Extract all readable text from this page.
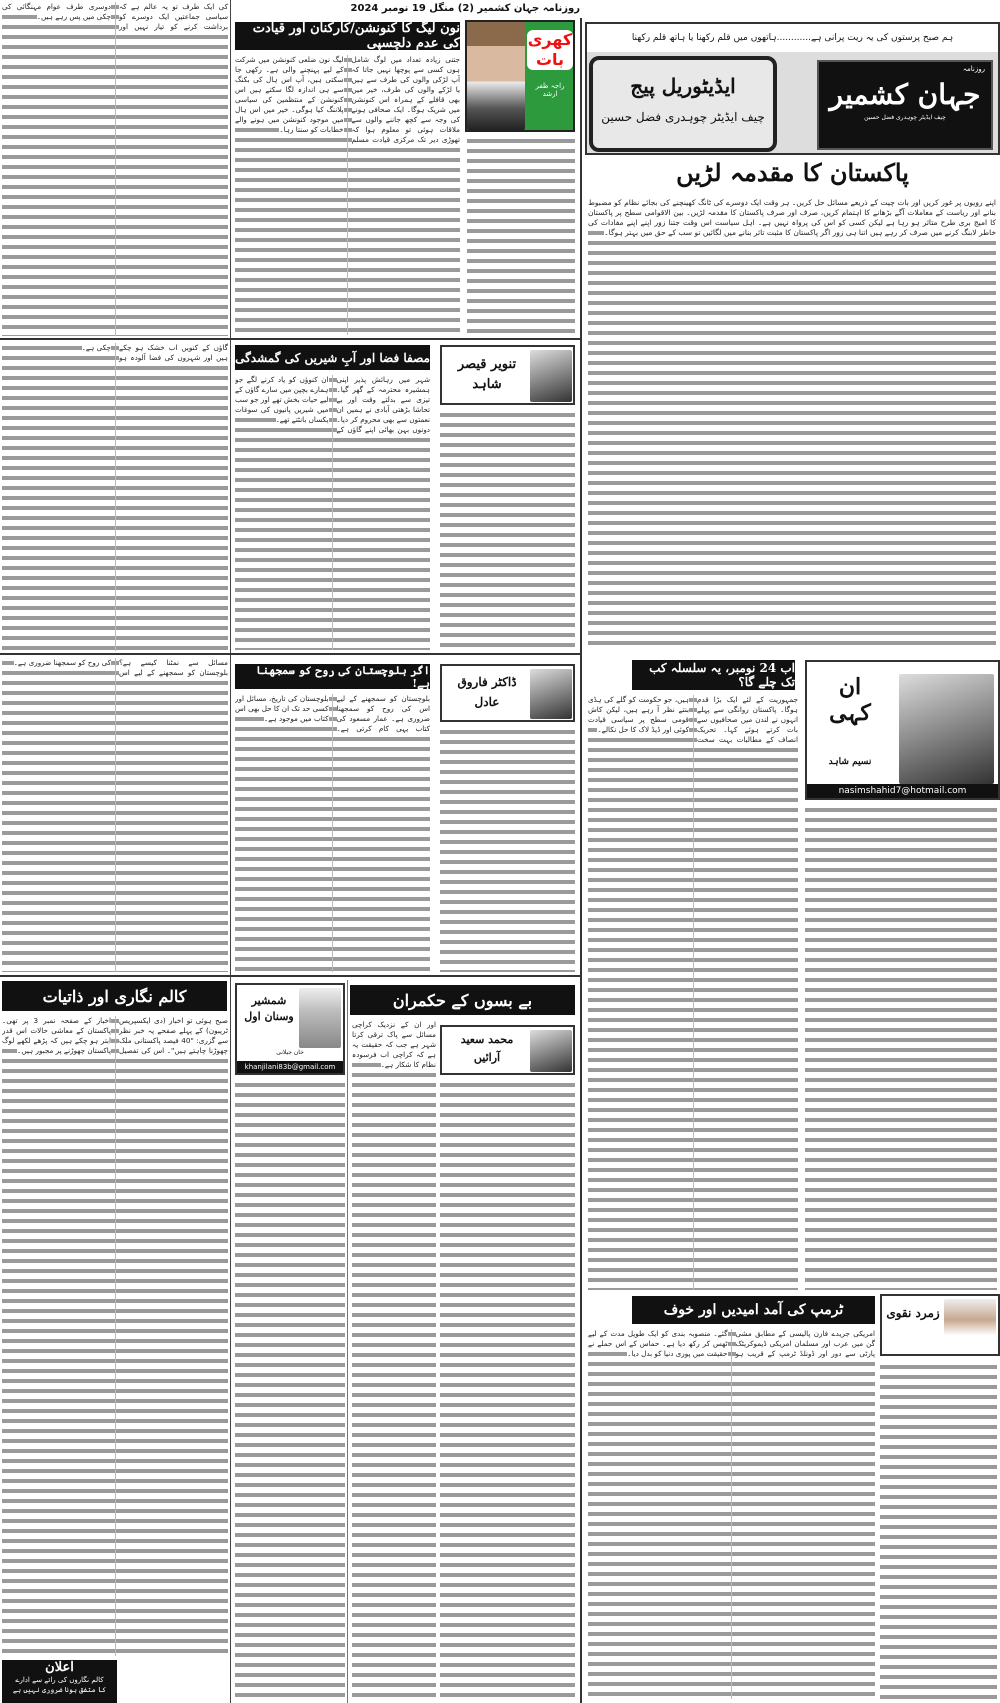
روزنامہ جہان کشمیر (2) منگل 19 نومبر 2024
کی ایک طرف تو یہ عالم ہے کہ سیاسی جماعتیں ایک دوسرے کو برداشت کرنے کو تیار نہیں اور دوسری طرف عوام مہنگائی کی چکی میں پس رہے ہیں۔
گاؤں کے کنویں اب خشک ہو چکے ہیں اور شہروں کی فضا آلودہ ہو چکی ہے۔
مسائل سے نمٹنا کیسے ہے؟ بلوچستان کو سمجھنے کے لیے اس کی روح کو سمجھنا ضروری ہے۔
کالم نگاری اور ذاتیات
صبح ہوئی تو اخبار (دی ایکسپریس ٹریبون) کے پہلے صفحے پہ خبر نظر سے گزری: "40 فیصد پاکستانی ملک چھوڑنا چاہتے ہیں"۔ اس کی تفصیل اخبار کے صفحہ نمبر 3 پر تھی۔ پاکستان کے معاشی حالات اس قدر ابتر ہو چکے ہیں کہ پڑھے لکھے لوگ پاکستان چھوڑنے پر مجبور ہیں۔
اعلان
کالم نگاروں کی رائے سے ادارے
کا متفق ہونا ضروری نہیں ہے
کھری بات
راجہ ظفر ارشد
نون لیگ کا کنونشن/کارکنان اور قیادت کی عدم دلچسپی
جتنی زیادہ تعداد میں لوگ شامل ہوں کسی سے پوچھا نہیں جاتا کہ آپ لڑکی والوں کی طرف سے ہیں یا لڑکے والوں کی طرف، خیر میں بھی قافلے کے ہمراہ اس کنونشن میں شریک ہوگا۔ ایک صحافی ہونے کی وجہ سے کچھ جاننے والوں سے ملاقات ہوئی تو معلوم ہوا کہ تھوڑی دیر تک مرکزی قیادت مسلم لیگ نون ضلعی کنونشن میں شرکت کے لیے پہنچنے والی ہے۔ رکھی جا سکتی ہیں، آپ اس ہال کی بکنگ سے ہی اندازہ لگا سکتے ہیں اس کنونشن کے منتظمین کی سیاسی پلاننگ کیا ہوگی۔ خیر میں اس ہال میں موجود کنونشن میں ہونے والے خطابات کو سنتا رہا۔
مصفا فضا اور آبِ شیریں کی گمشدگی	تنویر قیصر شاہد
شہر میں رہائش پذیر اپنی ہمشیرہ محترمہ کے گھر گیا۔ تیزی سے بدلتے وقت اور بے تحاشا بڑھتی آبادی نے ہمیں ان نعمتوں سے بھی محروم کر دیا۔ دونوں بہن بھائی اپنے گاؤں کے ان کنوؤں کو یاد کرنے لگے جو ہمارے بچپن میں سارے گاؤں کے لیے حیات بخش تھے اور جو سب میں شیریں پانیوں کی سوغات یکساں بانٹتے تھے۔
اگر بلوچستان کی روح کو سمجھنا ہے!	ڈاکٹر فاروق عادل
بلوچستان کو سمجھنے کے لیے اس کی روح کو سمجھنا ضروری ہے۔ عمار مسعود کی کتاب یہی کام کرتی ہے۔ بلوچستان کی تاریخ، مسائل اور کسی حد تک ان کا حل بھی اس کتاب میں موجود ہے۔
شمشیر وسنان اول
خان جیلانی
khanjilani83b@gmail.com
بے بسوں کے حکمران
محمد سعید آرائیں
اور ان کے نزدیک کراچی مسائل سے پاک ترقی کرتا شہر ہے جب کہ حقیقت یہ ہے کہ کراچی اب فرسودہ نظام کا شکار ہے۔
ہم صبح پرستوں کی یہ ریت پرانی ہے............ہاتھوں میں قلم رکھنا یا ہاتھ قلم رکھنا
ایڈیٹوریل پیج
چیف ایڈیٹر چوہدری فضل حسین
روزنامہ
جہان کشمیر
چیف ایڈیٹر چوہدری فضل حسین
پاکستان کا مقدمہ لڑیں
اپنے رویوں پر غور کریں اور بات چیت کے ذریعے مسائل حل کریں۔ ہر وقت ایک دوسرے کی ٹانگ کھینچنے کی بجائے نظام کو مضبوط بنانے اور ریاست کے معاملات آگے بڑھانے کا اہتمام کریں، صرف اور صرف پاکستان کا مقدمہ لڑیں۔ بین الاقوامی سطح پر پاکستان کا امیج بری طرح متاثر ہو رہا ہے لیکن کسی کو اس کی پرواہ نہیں ہے۔ اہل سیاست اس وقت جتنا زور اپنے اپنے مفادات کی خاطر لابنگ کرنے میں صرف کر رہے ہیں اتنا ہی زور اگر پاکستان کا مثبت تاثر بنانے میں لگائیں تو سب کے حق میں بہتر ہوگا۔
اب 24 نومبر، یہ سلسلہ کب تک چلے گا؟	ان کہی
نسیم شاہد
nasimshahid7@hotmail.com
جمہوریت کے لئے ایک بڑا قدم ہوگا۔ پاکستان روانگی سے پہلے انہوں نے لندن میں صحافیوں سے بات کرتے ہوئے کہا۔ تحریک انصاف کے مطالبات بہت سخت ہیں، جو حکومت کو گلے کی ہڈی بنتے نظر آ رہے ہیں، لیکن کاش قومی سطح پر سیاسی قیادت کوئی اور ڈیڈ لاک کا حل نکالے۔
ٹرمپ کی آمد امیدیں اور خوف	زمرد نقوی
امریکی جریدے فارن پالیسی کے مطابق مشی گن میں عرب اور مسلمان امریکی ڈیموکریٹک پارٹی سے دور اور ڈونلڈ ٹرمپ کے قریب ہو گئے۔ منصوبہ بندی کو ایک طویل مدت کے لیے ٹھس کر رکھ دیا ہے۔ حماس کے اس حملے نے حقیقت میں پوری دنیا کو بدل دیا۔
